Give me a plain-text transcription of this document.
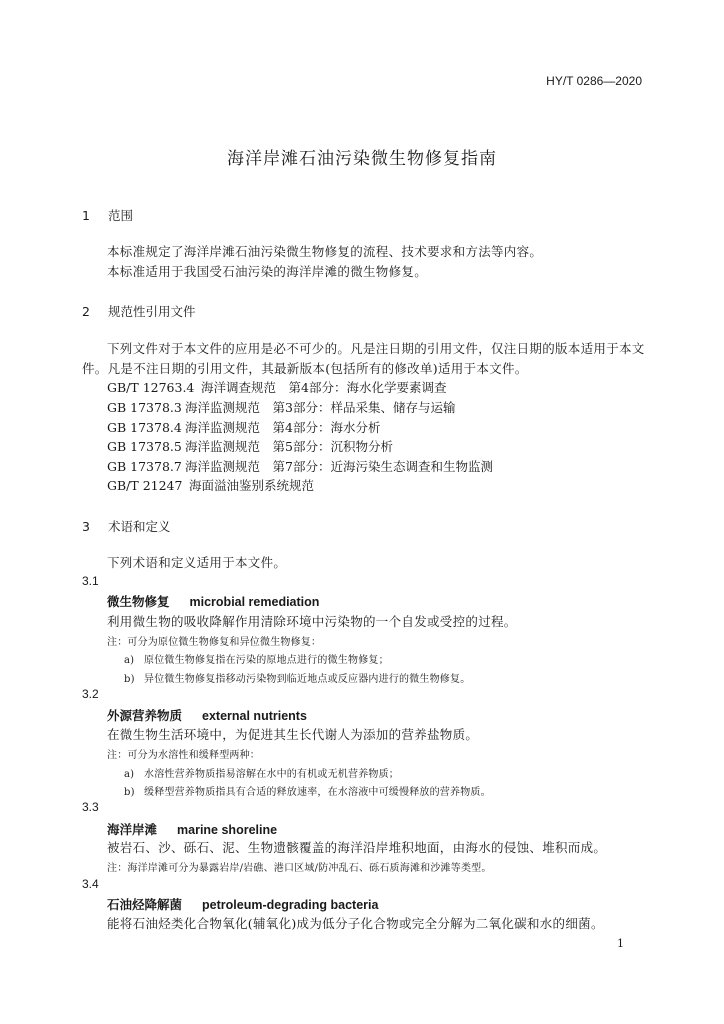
HY/T 0286—2020
海洋岸滩石油污染微生物修复指南
1 范围
本标准规定了海洋岸滩石油污染微生物修复的流程、技术要求和方法等内容。
本标准适用于我国受石油污染的海洋岸滩的微生物修复。
2 规范性引用文件
下列文件对于本文件的应用是必不可少的。凡是注日期的引用文件，仅注日期的版本适用于本文
件。凡是不注日期的引用文件，其最新版本(包括所有的修改单)适用于本文件。
GB/T 12763.4 海洋调查规范　第4部分：海水化学要素调查
GB 17378.3 海洋监测规范　第3部分：样品采集、储存与运输
GB 17378.4 海洋监测规范　第4部分：海水分析
GB 17378.5 海洋监测规范　第5部分：沉积物分析
GB 17378.7 海洋监测规范　第7部分：近海污染生态调查和生物监测
GB/T 21247 海面溢油鉴别系统规范
3 术语和定义
下列术语和定义适用于本文件。
3.1
微生物修复 microbial remediation
利用微生物的吸收降解作用清除环境中污染物的一个自发或受控的过程。
注：可分为原位微生物修复和异位微生物修复：
a) 原位微生物修复指在污染的原地点进行的微生物修复；
b) 异位微生物修复指移动污染物到临近地点或反应器内进行的微生物修复。
3.2
外源营养物质 external nutrients
在微生物生活环境中，为促进其生长代谢人为添加的营养盐物质。
注：可分为水溶性和缓释型两种：
a) 水溶性营养物质指易溶解在水中的有机或无机营养物质；
b) 缓释型营养物质指具有合适的释放速率，在水溶液中可缓慢释放的营养物质。
3.3
海洋岸滩 marine shoreline
被岩石、沙、砾石、泥、生物遗骸覆盖的海洋沿岸堆积地面，由海水的侵蚀、堆积而成。
注：海洋岸滩可分为暴露岩岸/岩礁、港口区域/防冲乱石、砾石质海滩和沙滩等类型。
3.4
石油烃降解菌 petroleum-degrading bacteria
能将石油烃类化合物氧化(辅氧化)成为低分子化合物或完全分解为二氧化碳和水的细菌。
1
